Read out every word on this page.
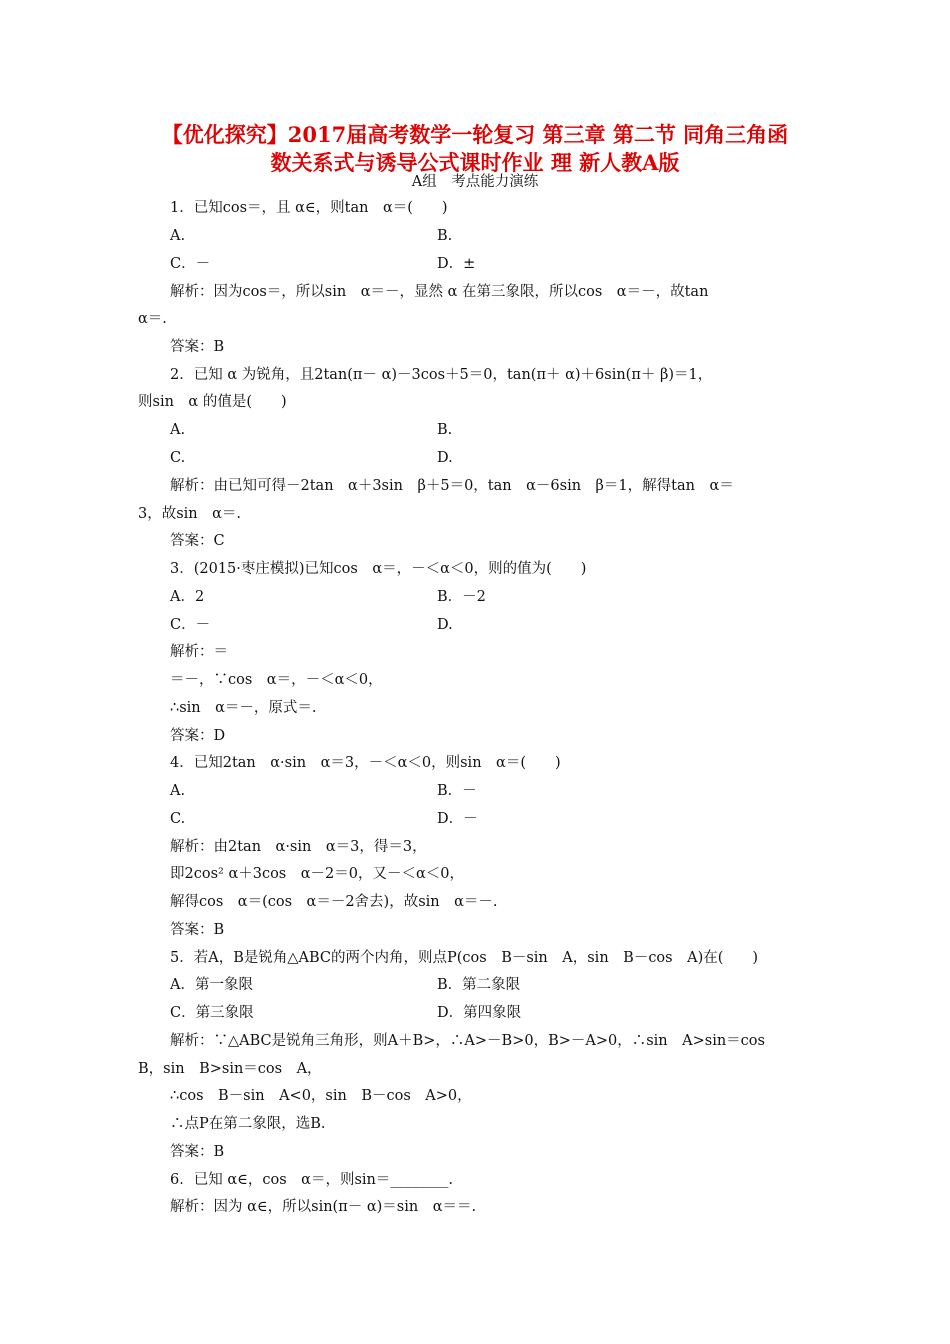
【优化探究】2017届高考数学一轮复习 第三章 第二节 同角三角函
数关系式与诱导公式课时作业 理 新人教A版
A组　考点能力演练
1．已知cos＝，且 α∈，则tan　α＝(　　)
A.	B.
C．－	D．±
解析：因为cos＝，所以sin　α＝－，显然 α 在第三象限，所以cos　α＝－，故tan
α＝.
答案：B
2．已知 α 为锐角，且2tan(π－ α)－3cos＋5＝0，tan(π＋ α)＋6sin(π＋ β)＝1，
则sin　α 的值是(　　)
A.	B.
C.	D.
解析：由已知可得－2tan　α＋3sin　β＋5＝0，tan　α－6sin　β＝1，解得tan　α＝
3，故sin　α＝.
答案：C
3．(2015·枣庄模拟)已知cos　α＝，－＜α＜0，则的值为(　　)
A．2	B．－2
C．－	D.
解析：＝
＝－，∵cos　α＝，－＜α＜0，
∴sin　α＝－，原式＝.
答案：D
4．已知2tan　α·sin　α＝3，－＜α＜0，则sin　α＝(　　)
A.	B．－
C.	D．－
解析：由2tan　α·sin　α＝3，得＝3，
即2cos² α＋3cos　α－2＝0，又－＜α＜0，
解得cos　α＝(cos　α＝－2舍去)，故sin　α＝－.
答案：B
5．若A，B是锐角△ABC的两个内角，则点P(cos　B－sin　A，sin　B－cos　A)在(　　)
A．第一象限	B．第二象限
C．第三象限	D．第四象限
解析：∵△ABC是锐角三角形，则A＋B>，∴A>－B>0，B>－A>0，∴sin　A>sin＝cos
B，sin　B>sin＝cos　A，
∴cos　B－sin　A<0，sin　B－cos　A>0，
∴点P在第二象限，选B.
答案：B
6．已知 α∈，cos　α＝，则sin＝________.
解析：因为 α∈，所以sin(π－ α)＝sin　α＝＝.
